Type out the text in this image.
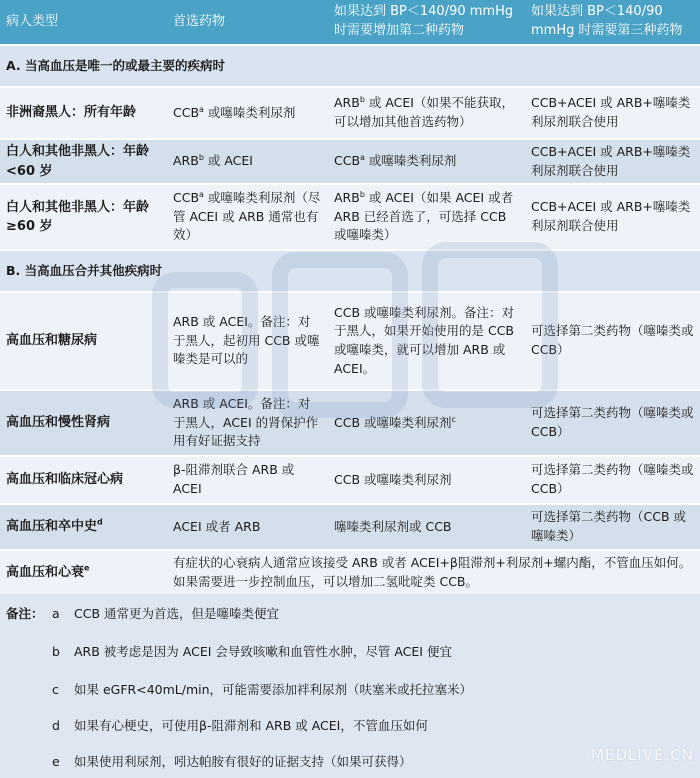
病人类型	首选药物	如果达到 BP＜140/90 mmHg 时需要增加第二种药物	如果达到 BP＜140/90 mmHg 时需要第三种药物
A. 当高血压是唯一的或最主要的疾病时			
非洲裔黑人：所有年龄	CCB$^a$ 或噻嗪类利尿剂	ARB$^b$ 或 ACEI（如果不能获取，可以增加其他首选药物）	CCB+ACEI 或 ARB+噻嗪类利尿剂联合使用
白人和其他非黑人：年龄<60 岁	ARB$^b$ 或 ACEI	CCB$^a$ 或噻嗪类利尿剂	CCB+ACEI 或 ARB+噻嗪类利尿剂联合使用
白人和其他非黑人：年龄≥60 岁	CCB$^a$ 或噻嗪类利尿剂（尽管 ACEI 或 ARB 通常也有效）	ARB$^b$ 或 ACEI（如果 ACEI 或者 ARB 已经首选了，可选择 CCB 或噻嗪类）	CCB+ACEI 或 ARB+噻嗪类利尿剂联合使用
B. 当高血压合并其他疾病时			
高血压和糖尿病	ARB 或 ACEI。备注：对于黑人，起初用 CCB 或噻嗪类是可以的	CCB 或噻嗪类利尿剂。备注：对于黑人，如果开始使用的是 CCB 或噻嗪类，就可以增加 ARB 或 ACEI。	可选择第二类药物（噻嗪类或 CCB）
高血压和慢性肾病	ARB 或 ACEI。备注：对于黑人，ACEI 的肾保护作用有好证据支持	CCB 或噻嗪类利尿剂$^c$	可选择第二类药物（噻嗪类或 CCB）
高血压和临床冠心病	β-阻滞剂联合 ARB 或 ACEI	CCB 或噻嗪类利尿剂	可选择第二类药物（噻嗪类或 CCB）
高血压和卒中史$^d$	ACEI 或者 ARB	噻嗪类利尿剂或 CCB	可选择第二类药物（CCB 或噻嗪类）
高血压和心衰$^e$	有症状的心衰病人通常应该接受 ARB 或者 ACEI+β阻滞剂+利尿剂+螺内酯，不管血压如何。如果需要进一步控制血压，可以增加二氢吡啶类 CCB。		
备注： a CCB 通常更为首选，但是噻嗪类便宜
b ARB 被考虑是因为 ACEI 会导致咳嗽和血管性水肿，尽管 ACEI 便宜
c 如果 eGFR<40mL/min，可能需要添加袢利尿剂（呋塞米或托拉塞米）
d 如果有心梗史，可使用β-阻滞剂和 ARB 或 ACEI，不管血压如何
e 如果使用利尿剂，吲达帕胺有很好的证据支持（如果可获得）	MEDLIVE.CN
